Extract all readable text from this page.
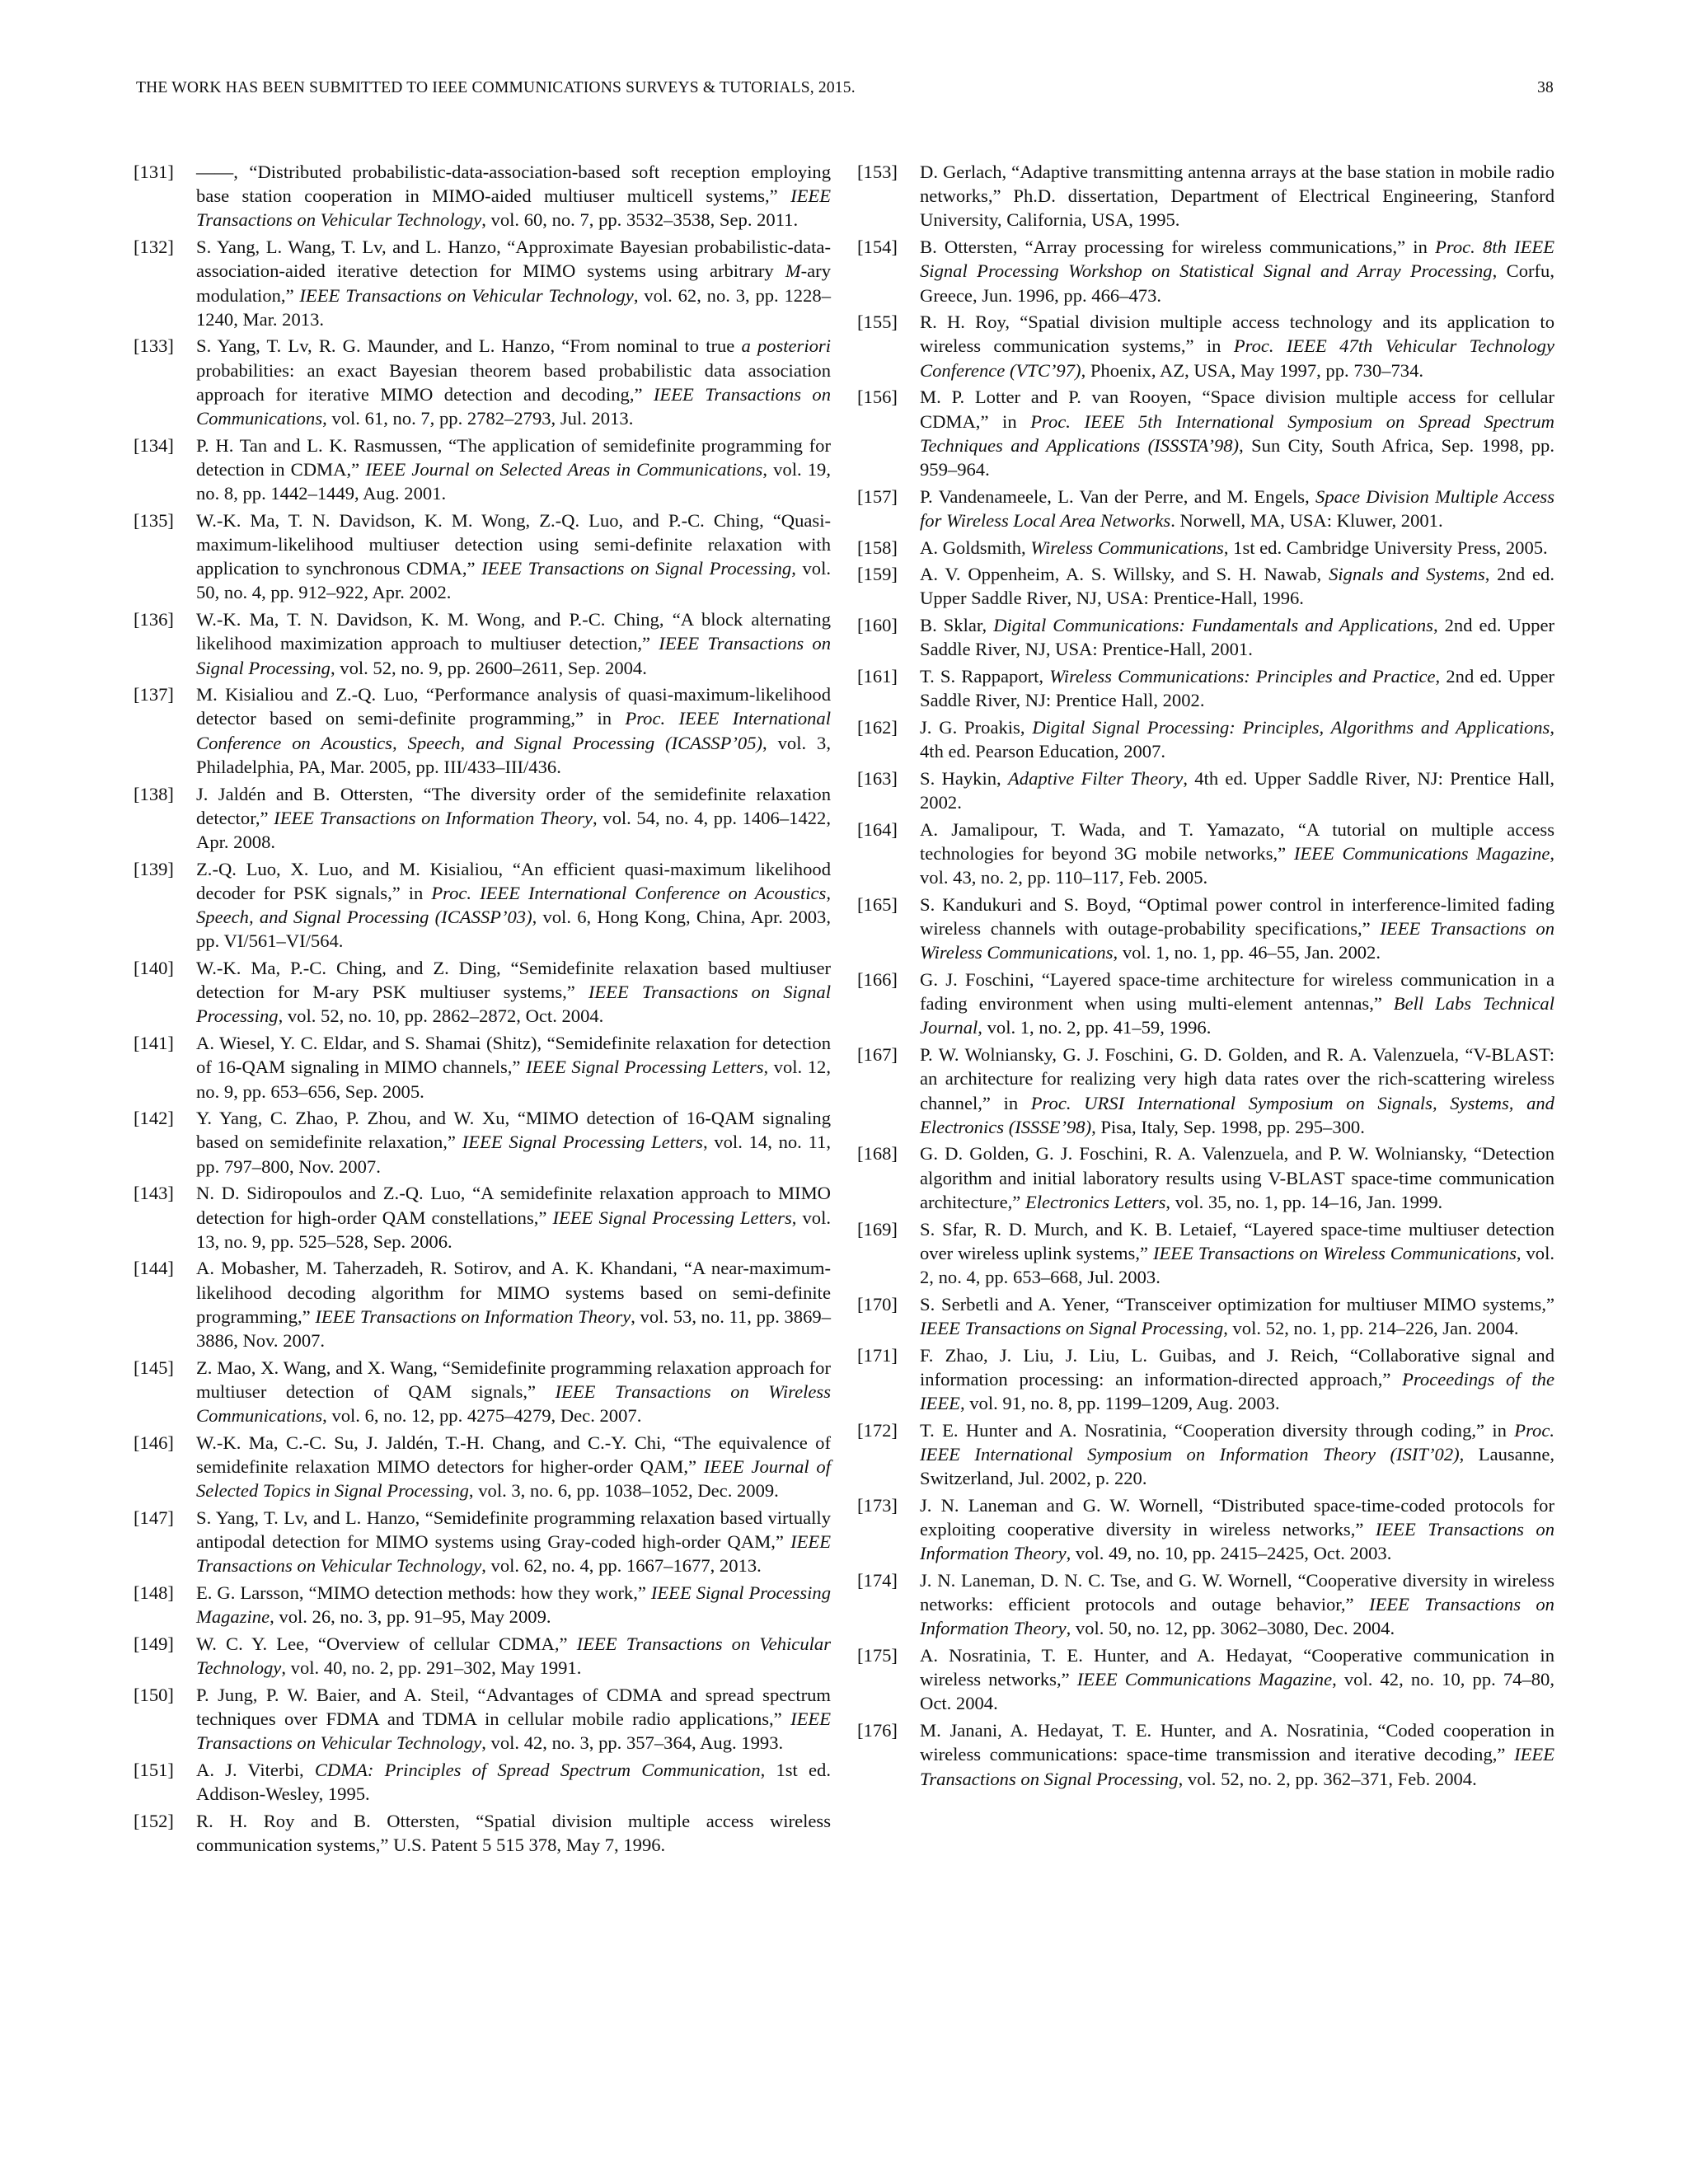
THE WORK HAS BEEN SUBMITTED TO IEEE COMMUNICATIONS SURVEYS & TUTORIALS, 2015.	38
[131] ——, “Distributed probabilistic-data-association-based soft reception employing base station cooperation in MIMO-aided multiuser multicell systems,” IEEE Transactions on Vehicular Technology, vol. 60, no. 7, pp. 3532–3538, Sep. 2011.
[132] S. Yang, L. Wang, T. Lv, and L. Hanzo, “Approximate Bayesian probabilistic-data-association-aided iterative detection for MIMO systems using arbitrary M-ary modulation,” IEEE Transactions on Vehicular Technology, vol. 62, no. 3, pp. 1228–1240, Mar. 2013.
[133] S. Yang, T. Lv, R. G. Maunder, and L. Hanzo, “From nominal to true a posteriori probabilities: an exact Bayesian theorem based probabilistic data association approach for iterative MIMO detection and decoding,” IEEE Transactions on Communications, vol. 61, no. 7, pp. 2782–2793, Jul. 2013.
[134] P. H. Tan and L. K. Rasmussen, “The application of semidefinite programming for detection in CDMA,” IEEE Journal on Selected Areas in Communications, vol. 19, no. 8, pp. 1442–1449, Aug. 2001.
[135] W.-K. Ma, T. N. Davidson, K. M. Wong, Z.-Q. Luo, and P.-C. Ching, “Quasi-maximum-likelihood multiuser detection using semi-definite relaxation with application to synchronous CDMA,” IEEE Transactions on Signal Processing, vol. 50, no. 4, pp. 912–922, Apr. 2002.
[136] W.-K. Ma, T. N. Davidson, K. M. Wong, and P.-C. Ching, “A block alternating likelihood maximization approach to multiuser detection,” IEEE Transactions on Signal Processing, vol. 52, no. 9, pp. 2600–2611, Sep. 2004.
[137] M. Kisialiou and Z.-Q. Luo, “Performance analysis of quasi-maximum-likelihood detector based on semi-definite programming,” in Proc. IEEE International Conference on Acoustics, Speech, and Signal Processing (ICASSP’05), vol. 3, Philadelphia, PA, Mar. 2005, pp. III/433–III/436.
[138] J. Jaldén and B. Ottersten, “The diversity order of the semidefinite relaxation detector,” IEEE Transactions on Information Theory, vol. 54, no. 4, pp. 1406–1422, Apr. 2008.
[139] Z.-Q. Luo, X. Luo, and M. Kisialiou, “An efficient quasi-maximum likelihood decoder for PSK signals,” in Proc. IEEE International Conference on Acoustics, Speech, and Signal Processing (ICASSP’03), vol. 6, Hong Kong, China, Apr. 2003, pp. VI/561–VI/564.
[140] W.-K. Ma, P.-C. Ching, and Z. Ding, “Semidefinite relaxation based multiuser detection for M-ary PSK multiuser systems,” IEEE Transactions on Signal Processing, vol. 52, no. 10, pp. 2862–2872, Oct. 2004.
[141] A. Wiesel, Y. C. Eldar, and S. Shamai (Shitz), “Semidefinite relaxation for detection of 16-QAM signaling in MIMO channels,” IEEE Signal Processing Letters, vol. 12, no. 9, pp. 653–656, Sep. 2005.
[142] Y. Yang, C. Zhao, P. Zhou, and W. Xu, “MIMO detection of 16-QAM signaling based on semidefinite relaxation,” IEEE Signal Processing Letters, vol. 14, no. 11, pp. 797–800, Nov. 2007.
[143] N. D. Sidiropoulos and Z.-Q. Luo, “A semidefinite relaxation approach to MIMO detection for high-order QAM constellations,” IEEE Signal Processing Letters, vol. 13, no. 9, pp. 525–528, Sep. 2006.
[144] A. Mobasher, M. Taherzadeh, R. Sotirov, and A. K. Khandani, “A near-maximum-likelihood decoding algorithm for MIMO systems based on semi-definite programming,” IEEE Transactions on Information Theory, vol. 53, no. 11, pp. 3869–3886, Nov. 2007.
[145] Z. Mao, X. Wang, and X. Wang, “Semidefinite programming relaxation approach for multiuser detection of QAM signals,” IEEE Transactions on Wireless Communications, vol. 6, no. 12, pp. 4275–4279, Dec. 2007.
[146] W.-K. Ma, C.-C. Su, J. Jaldén, T.-H. Chang, and C.-Y. Chi, “The equivalence of semidefinite relaxation MIMO detectors for higher-order QAM,” IEEE Journal of Selected Topics in Signal Processing, vol. 3, no. 6, pp. 1038–1052, Dec. 2009.
[147] S. Yang, T. Lv, and L. Hanzo, “Semidefinite programming relaxation based virtually antipodal detection for MIMO systems using Gray-coded high-order QAM,” IEEE Transactions on Vehicular Technology, vol. 62, no. 4, pp. 1667–1677, 2013.
[148] E. G. Larsson, “MIMO detection methods: how they work,” IEEE Signal Processing Magazine, vol. 26, no. 3, pp. 91–95, May 2009.
[149] W. C. Y. Lee, “Overview of cellular CDMA,” IEEE Transactions on Vehicular Technology, vol. 40, no. 2, pp. 291–302, May 1991.
[150] P. Jung, P. W. Baier, and A. Steil, “Advantages of CDMA and spread spectrum techniques over FDMA and TDMA in cellular mobile radio applications,” IEEE Transactions on Vehicular Technology, vol. 42, no. 3, pp. 357–364, Aug. 1993.
[151] A. J. Viterbi, CDMA: Principles of Spread Spectrum Communication, 1st ed. Addison-Wesley, 1995.
[152] R. H. Roy and B. Ottersten, “Spatial division multiple access wireless communication systems,” U.S. Patent 5 515 378, May 7, 1996.
[153] D. Gerlach, “Adaptive transmitting antenna arrays at the base station in mobile radio networks,” Ph.D. dissertation, Department of Electrical Engineering, Stanford University, California, USA, 1995.
[154] B. Ottersten, “Array processing for wireless communications,” in Proc. 8th IEEE Signal Processing Workshop on Statistical Signal and Array Processing, Corfu, Greece, Jun. 1996, pp. 466–473.
[155] R. H. Roy, “Spatial division multiple access technology and its application to wireless communication systems,” in Proc. IEEE 47th Vehicular Technology Conference (VTC’97), Phoenix, AZ, USA, May 1997, pp. 730–734.
[156] M. P. Lotter and P. van Rooyen, “Space division multiple access for cellular CDMA,” in Proc. IEEE 5th International Symposium on Spread Spectrum Techniques and Applications (ISSSTA’98), Sun City, South Africa, Sep. 1998, pp. 959–964.
[157] P. Vandenameele, L. Van der Perre, and M. Engels, Space Division Multiple Access for Wireless Local Area Networks. Norwell, MA, USA: Kluwer, 2001.
[158] A. Goldsmith, Wireless Communications, 1st ed. Cambridge University Press, 2005.
[159] A. V. Oppenheim, A. S. Willsky, and S. H. Nawab, Signals and Systems, 2nd ed. Upper Saddle River, NJ, USA: Prentice-Hall, 1996.
[160] B. Sklar, Digital Communications: Fundamentals and Applications, 2nd ed. Upper Saddle River, NJ, USA: Prentice-Hall, 2001.
[161] T. S. Rappaport, Wireless Communications: Principles and Practice, 2nd ed. Upper Saddle River, NJ: Prentice Hall, 2002.
[162] J. G. Proakis, Digital Signal Processing: Principles, Algorithms and Applications, 4th ed. Pearson Education, 2007.
[163] S. Haykin, Adaptive Filter Theory, 4th ed. Upper Saddle River, NJ: Prentice Hall, 2002.
[164] A. Jamalipour, T. Wada, and T. Yamazato, “A tutorial on multiple access technologies for beyond 3G mobile networks,” IEEE Communications Magazine, vol. 43, no. 2, pp. 110–117, Feb. 2005.
[165] S. Kandukuri and S. Boyd, “Optimal power control in interference-limited fading wireless channels with outage-probability specifications,” IEEE Transactions on Wireless Communications, vol. 1, no. 1, pp. 46–55, Jan. 2002.
[166] G. J. Foschini, “Layered space-time architecture for wireless communication in a fading environment when using multi-element antennas,” Bell Labs Technical Journal, vol. 1, no. 2, pp. 41–59, 1996.
[167] P. W. Wolniansky, G. J. Foschini, G. D. Golden, and R. A. Valenzuela, “V-BLAST: an architecture for realizing very high data rates over the rich-scattering wireless channel,” in Proc. URSI International Symposium on Signals, Systems, and Electronics (ISSSE’98), Pisa, Italy, Sep. 1998, pp. 295–300.
[168] G. D. Golden, G. J. Foschini, R. A. Valenzuela, and P. W. Wolniansky, “Detection algorithm and initial laboratory results using V-BLAST space-time communication architecture,” Electronics Letters, vol. 35, no. 1, pp. 14–16, Jan. 1999.
[169] S. Sfar, R. D. Murch, and K. B. Letaief, “Layered space-time multiuser detection over wireless uplink systems,” IEEE Transactions on Wireless Communications, vol. 2, no. 4, pp. 653–668, Jul. 2003.
[170] S. Serbetli and A. Yener, “Transceiver optimization for multiuser MIMO systems,” IEEE Transactions on Signal Processing, vol. 52, no. 1, pp. 214–226, Jan. 2004.
[171] F. Zhao, J. Liu, J. Liu, L. Guibas, and J. Reich, “Collaborative signal and information processing: an information-directed approach,” Proceedings of the IEEE, vol. 91, no. 8, pp. 1199–1209, Aug. 2003.
[172] T. E. Hunter and A. Nosratinia, “Cooperation diversity through coding,” in Proc. IEEE International Symposium on Information Theory (ISIT’02), Lausanne, Switzerland, Jul. 2002, p. 220.
[173] J. N. Laneman and G. W. Wornell, “Distributed space-time-coded protocols for exploiting cooperative diversity in wireless networks,” IEEE Transactions on Information Theory, vol. 49, no. 10, pp. 2415–2425, Oct. 2003.
[174] J. N. Laneman, D. N. C. Tse, and G. W. Wornell, “Cooperative diversity in wireless networks: efficient protocols and outage behavior,” IEEE Transactions on Information Theory, vol. 50, no. 12, pp. 3062–3080, Dec. 2004.
[175] A. Nosratinia, T. E. Hunter, and A. Hedayat, “Cooperative communication in wireless networks,” IEEE Communications Magazine, vol. 42, no. 10, pp. 74–80, Oct. 2004.
[176] M. Janani, A. Hedayat, T. E. Hunter, and A. Nosratinia, “Coded cooperation in wireless communications: space-time transmission and iterative decoding,” IEEE Transactions on Signal Processing, vol. 52, no. 2, pp. 362–371, Feb. 2004.
